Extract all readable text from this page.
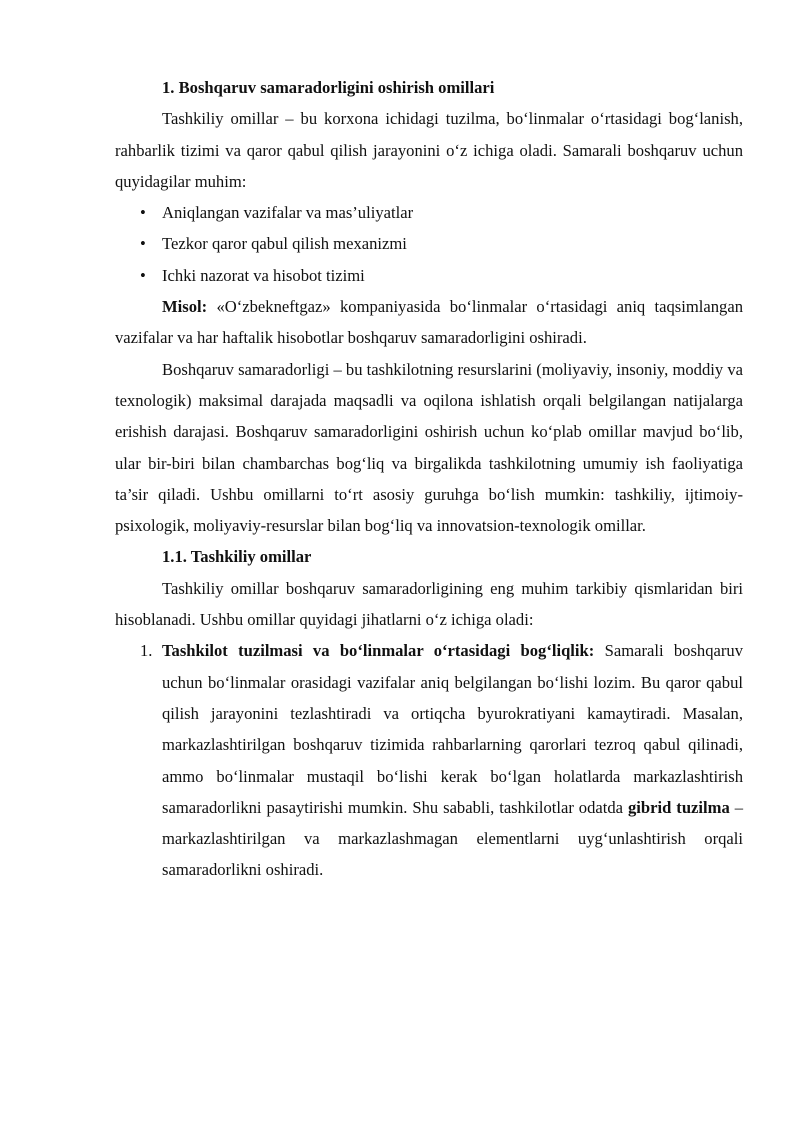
1. Boshqaruv samaradorligini oshirish omillari

Tashkiliy omillar – bu korxona ichidagi tuzilma, bo‘linmalar o‘rtasidagi bog‘lanish, rahbarlik tizimi va qaror qabul qilish jarayonini o‘z ichiga oladi. Samarali boshqaruv uchun quyidagilar muhim:

• Aniqlangan vazifalar va mas’uliyatlar
• Tezkor qaror qabul qilish mexanizmi
• Ichki nazorat va hisobot tizimi

Misol: «O‘zbekneftgaz» kompaniyasida bo‘linmalar o‘rtasidagi aniq taqsimlangan vazifalar va har haftalik hisobotlar boshqaruv samaradorligini oshiradi.

Boshqaruv samaradorligi – bu tashkilotning resurslarini (moliyaviy, insoniy, moddiy va texnologik) maksimal darajada maqsadli va oqilona ishlatish orqali belgilangan natijalarga erishish darajasi. Boshqaruv samaradorligini oshirish uchun ko‘plab omillar mavjud bo‘lib, ular bir-biri bilan chambarchas bog‘liq va birgalikda tashkilotning umumiy ish faoliyatiga ta’sir qiladi. Ushbu omillarni to‘rt asosiy guruhga bo‘lish mumkin: tashkiliy, ijtimoiy-psixologik, moliyaviy-resurslar bilan bog‘liq va innovatsion-texnologik omillar.

1.1. Tashkiliy omillar

Tashkiliy omillar boshqaruv samaradorligining eng muhim tarkibiy qismlaridan biri hisoblanadi. Ushbu omillar quyidagi jihatlarni o‘z ichiga oladi:

1. Tashkilot tuzilmasi va bo‘linmalar o‘rtasidagi bog‘liqlik: Samarali boshqaruv uchun bo‘linmalar orasidagi vazifalar aniq belgilangan bo‘lishi lozim. Bu qaror qabul qilish jarayonini tezlashtiradi va ortiqcha byurokratiyani kamaytiradi. Masalan, markazlashtirilgan boshqaruv tizimida rahbarlarning qarorlari tezroq qabul qilinadi, ammo bo‘linmalar mustaqil bo‘lishi kerak bo‘lgan holatlarda markazlashtirish samaradorlikni pasaytirishi mumkin. Shu sababli, tashkilotlar odatda gibrid tuzilma – markazlashtirilgan va markazlashmagan elementlarni uyg‘unlashtirish orqali samaradorlikni oshiradi.
